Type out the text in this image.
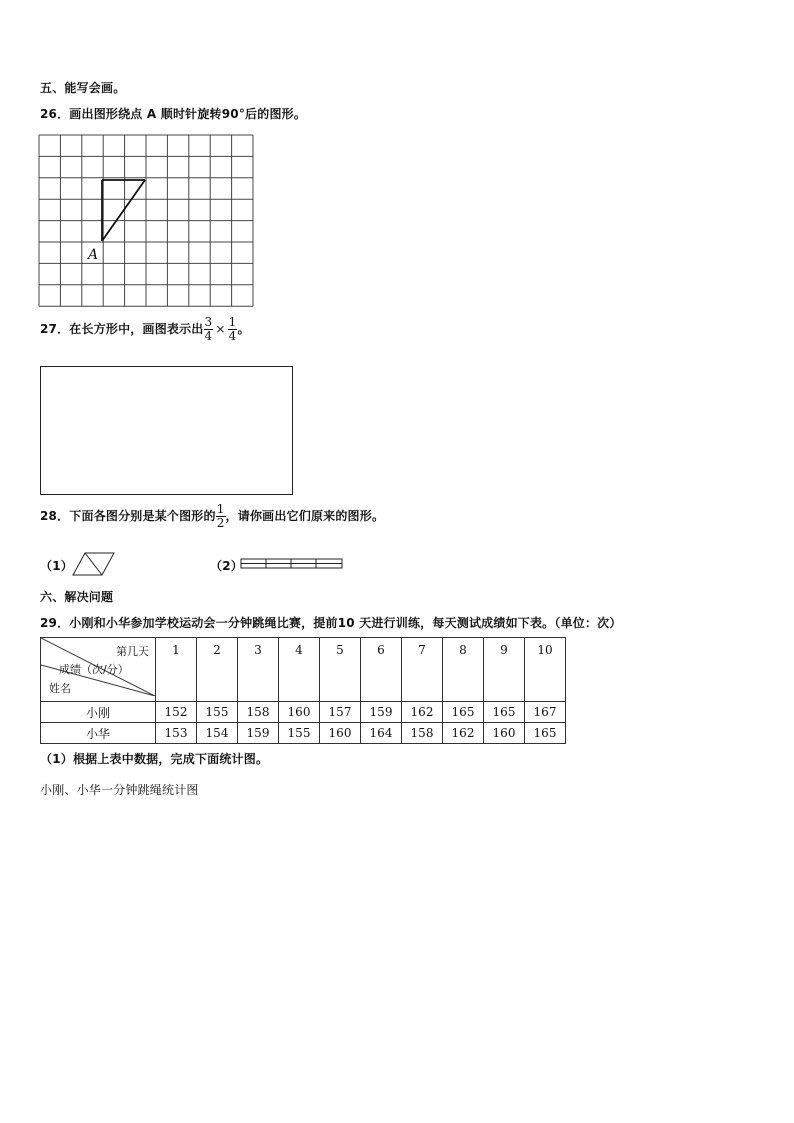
五、能写会画。
26．画出图形绕点 A 顺时针旋转90°后的图形。
A
27．在长方形中，画图表示出 $\frac{3}{4} \times \frac{1}{4}$ 。
28．下面各图分别是某个图形的 $\frac{1}{2}$ ，请你画出它们原来的图形。
（1）	（2）
六、解决问题
29．小刚和小华参加学校运动会一分钟跳绳比赛，提前10 天进行训练，每天测试成绩如下表。（单位：次）
第几天
成绩（次/分）
姓名	1	2	3	4	5	6	7	8	9	10
小刚	152	155	158	160	157	159	162	165	165	167
小华	153	154	159	155	160	164	158	162	160	165
（1）根据上表中数据，完成下面统计图。
小刚、小华一分钟跳绳统计图
